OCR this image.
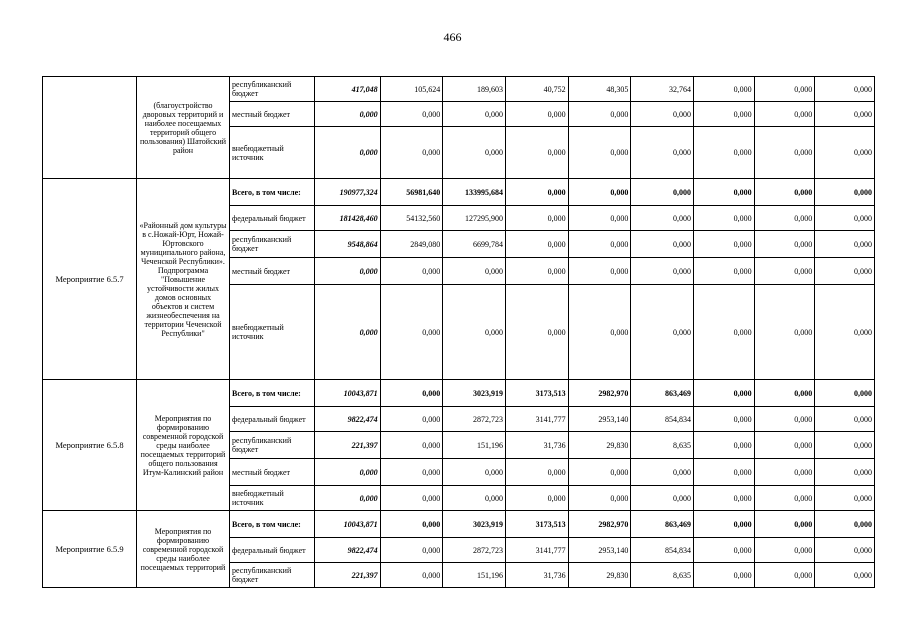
466
	(благоустройство дворовых территорий и наиболее посещаемых территорий общего пользования) Шатойский район	республиканский бюджет	417,048	105,624	189,603	40,752	48,305	32,764	0,000	0,000	0,000
		местный бюджет	0,000	0,000	0,000	0,000	0,000	0,000	0,000	0,000	0,000
		внебюджетный источник	0,000	0,000	0,000	0,000	0,000	0,000	0,000	0,000	0,000
Мероприятие 6.5.7	«Районный дом культуры в с.Ножай-Юрт, Ножай-Юртовского муниципального района, Чеченской Республики». Подпрограмма "Повышение устойчивости жилых домов основных объектов и систем жизнеобеспечения на территории Чеченской Республики"	Всего, в том числе:	190977,324	56981,640	133995,684	0,000	0,000	0,000	0,000	0,000	0,000
		федеральный бюджет	181428,460	54132,560	127295,900	0,000	0,000	0,000	0,000	0,000	0,000
		республиканский бюджет	9548,864	2849,080	6699,784	0,000	0,000	0,000	0,000	0,000	0,000
		местный бюджет	0,000	0,000	0,000	0,000	0,000	0,000	0,000	0,000	0,000
		внебюджетный источник	0,000	0,000	0,000	0,000	0,000	0,000	0,000	0,000	0,000
Мероприятие 6.5.8	Мероприятия по формированию современной городской среды наиболее посещаемых территорий общего пользования Итум-Калинский район	Всего, в том числе:	10043,871	0,000	3023,919	3173,513	2982,970	863,469	0,000	0,000	0,000
		федеральный бюджет	9822,474	0,000	2872,723	3141,777	2953,140	854,834	0,000	0,000	0,000
		республиканский бюджет	221,397	0,000	151,196	31,736	29,830	8,635	0,000	0,000	0,000
		местный бюджет	0,000	0,000	0,000	0,000	0,000	0,000	0,000	0,000	0,000
		внебюджетный источник	0,000	0,000	0,000	0,000	0,000	0,000	0,000	0,000	0,000
Мероприятие 6.5.9	Мероприятия по формированию современной городской среды наиболее посещаемых территорий	Всего, в том числе:	10043,871	0,000	3023,919	3173,513	2982,970	863,469	0,000	0,000	0,000
		федеральный бюджет	9822,474	0,000	2872,723	3141,777	2953,140	854,834	0,000	0,000	0,000
		республиканский бюджет	221,397	0,000	151,196	31,736	29,830	8,635	0,000	0,000	0,000
